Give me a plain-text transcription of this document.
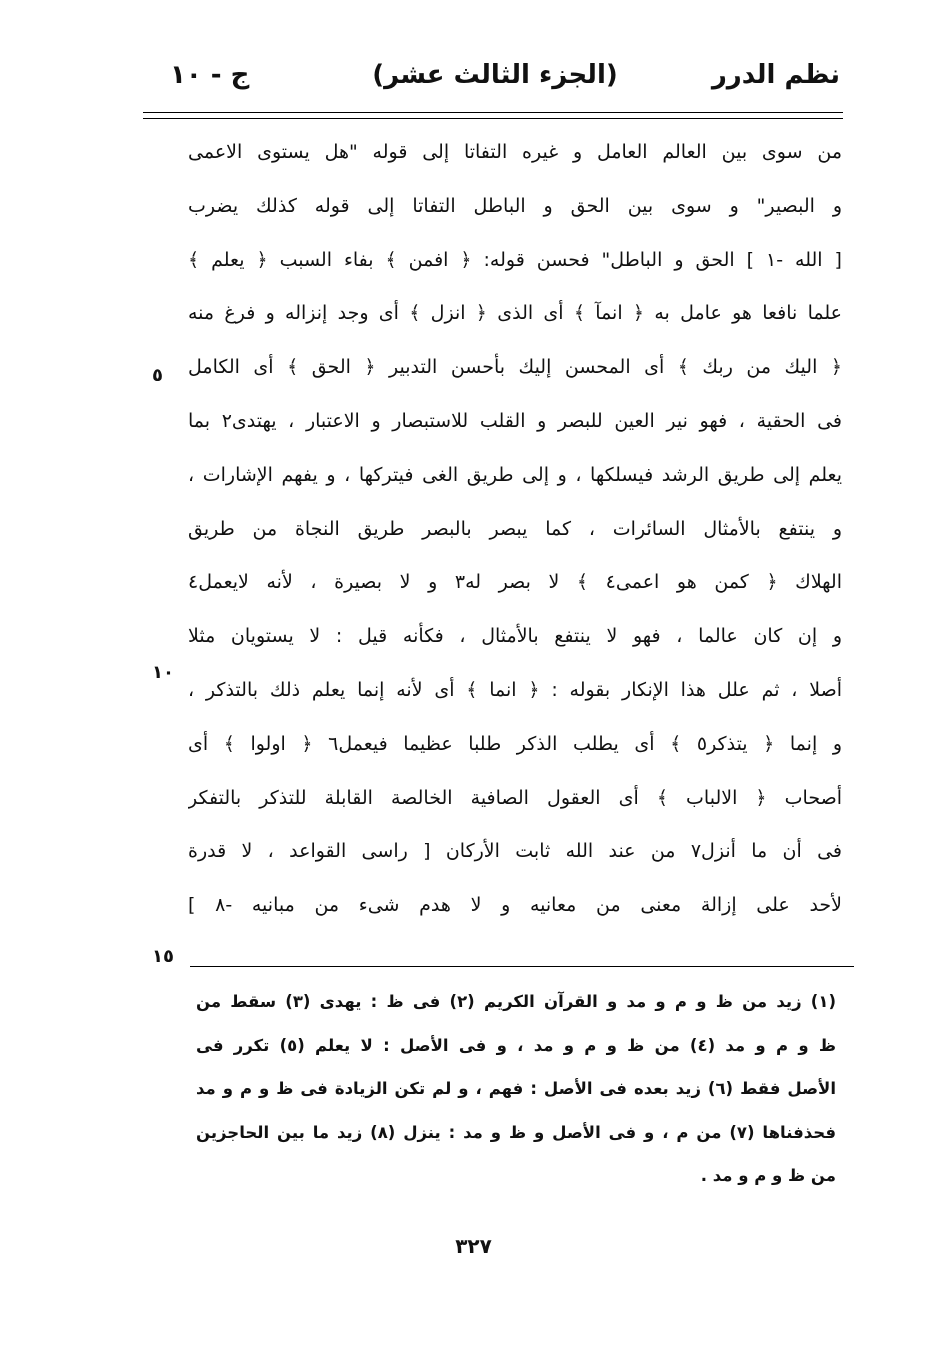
نظم الدرر
(الجزء الثالث عشر)
ج - ١٠
من سوى بين العالم العامل و غيره التفاتا إلى قوله "هل يستوى الاعمى
و البصير" و سوى بين الحق و الباطل التفاتا إلى قوله كذلك يضرب
[ الله -١ ] الحق و الباطل" فحسن قوله: ﴿ افمن ﴾ بفاء السبب ﴿ يعلم ﴾
علما نافعا هو عامل به ﴿ انمآ ﴾ أى الذى ﴿ انزل ﴾ أى وجد إنزاله و فرغ منه
﴿ اليك من ربك ﴾ أى المحسن إليك بأحسن التدبير ﴿ الحق ﴾ أى الكامل
فى الحقية ، فهو نير العين للبصر و القلب للاستبصار و الاعتبار ، يهتدى٢ بما
يعلم إلى طريق الرشد فيسلكها ، و إلى طريق الغى فيتركها ، و يفهم الإشارات ،
و ينتفع بالأمثال السائرات ، كما يبصر بالبصر طريق النجاة من طريق
الهلاك ﴿ كمن هو اعمى٤ ﴾ لا بصر له٣ و لا بصيرة ، لأنه لايعمل٤
و إن كان عالما ، فهو لا ينتفع بالأمثال ، فكأنه قيل : لا يستويان مثلا
أصلا ، ثم علل هذا الإنكار بقوله : ﴿ انما ﴾ أى لأنه إنما يعلم ذلك بالتذكر ،
و إنما ﴿ يتذكر٥ ﴾ أى يطلب الذكر طلبا عظيما فيعمل٦ ﴿ اولوا ﴾ أى
أصحاب ﴿ الالباب ﴾ أى العقول الصافية الخالصة القابلة للتذكر بالتفكر
فى أن ما أنزل٧ من عند الله ثابت الأركان [ راسى القواعد ، لا قدرة
لأحد على إزالة معنى من معانيه و لا هدم شىء من مبانيه -٨ ]
٥
١٠
١٥
(١) زيد من ظ و م و مد و القرآن الكريم (٢) فى ظ : يهدى (٣) سقط من
ظ و م و مد (٤) من ظ و م و مد ، و فى الأصل : لا يعلم (٥) تكرر فى
الأصل فقط (٦) زيد بعده فى الأصل : فهم ، و لم تكن الزيادة فى ظ و م و مد
فحذفناها (٧) من م ، و فى الأصل و ظ و مد : ينزل (٨) زيد ما بين الحاجزين
من ظ و م و مد .
٣٢٧
